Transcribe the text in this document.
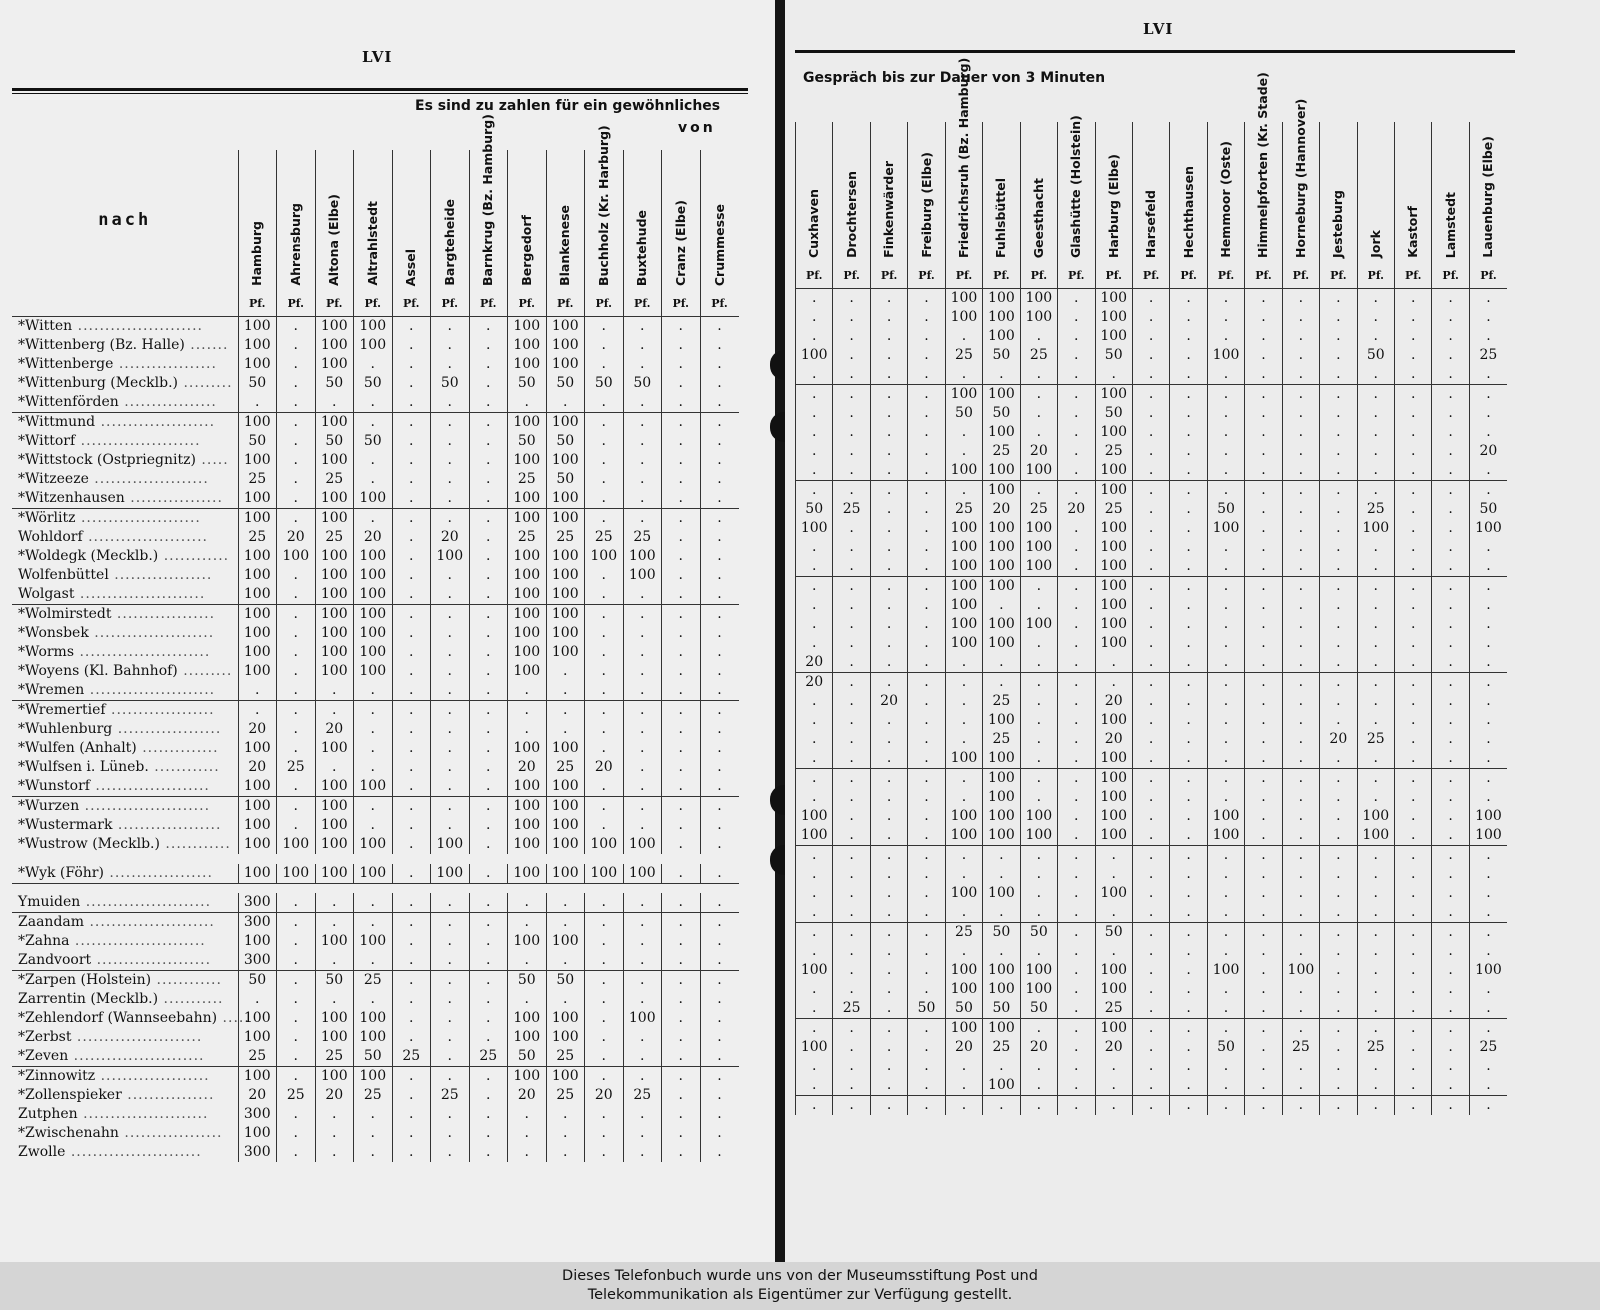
LVI
Es sind zu zahlen für ein gewöhnliches
von
nach	Hamburg	Ahrensburg	Altona (Elbe)	Altrahlstedt	Assel	Bargteheide	Barnkrug (Bz. Hamburg)	Bergedorf	Blankenese	Buchholz (Kr. Harburg)	Buxtehude	Cranz (Elbe)	Crummesse
	Pf.	Pf.	Pf.	Pf.	Pf.	Pf.	Pf.	Pf.	Pf.	Pf.	Pf.	Pf.	Pf.
*Witten .......................	100	.	100	100	.	.	.	100	100	.	.	.	.
*Wittenberg (Bz. Halle) .......	100	.	100	100	.	.	.	100	100	.	.	.	.
*Wittenberge ..................	100	.	100	.	.	.	.	100	100	.	.	.	.
*Wittenburg (Mecklb.) .........	50	.	50	50	.	50	.	50	50	50	50	.	.
*Wittenförden .................	.	.	.	.	.	.	.	.	.	.	.	.	.
*Wittmund .....................	100	.	100	.	.	.	.	100	100	.	.	.	.
*Wittorf ......................	50	.	50	50	.	.	.	50	50	.	.	.	.
*Wittstock (Ostpriegnitz) .....	100	.	100	.	.	.	.	100	100	.	.	.	.
*Witzeeze .....................	25	.	25	.	.	.	.	25	50	.	.	.	.
*Witzenhausen .................	100	.	100	100	.	.	.	100	100	.	.	.	.
*Wörlitz ......................	100	.	100	.	.	.	.	100	100	.	.	.	.
Wohldorf ......................	25	20	25	20	.	20	.	25	25	25	25	.	.
*Woldegk (Mecklb.) ............	100	100	100	100	.	100	.	100	100	100	100	.	.
Wolfenbüttel ..................	100	.	100	100	.	.	.	100	100	.	100	.	.
Wolgast .......................	100	.	100	100	.	.	.	100	100	.	.	.	.
*Wolmirstedt ..................	100	.	100	100	.	.	.	100	100	.	.	.	.
*Wonsbek ......................	100	.	100	100	.	.	.	100	100	.	.	.	.
*Worms ........................	100	.	100	100	.	.	.	100	100	.	.	.	.
*Woyens (Kl. Bahnhof) .........	100	.	100	100	.	.	.	100	.	.	.	.	.
*Wremen .......................	.	.	.	.	.	.	.	.	.	.	.	.	.
*Wremertief ...................	.	.	.	.	.	.	.	.	.	.	.	.	.
*Wuhlenburg ...................	20	.	20	.	.	.	.	.	.	.	.	.	.
*Wulfen (Anhalt) ..............	100	.	100	.	.	.	.	100	100	.	.	.	.
*Wulfsen i. Lüneb. ............	20	25	.	.	.	.	.	20	25	20	.	.	.
*Wunstorf .....................	100	.	100	100	.	.	.	100	100	.	.	.	.
*Wurzen .......................	100	.	100	.	.	.	.	100	100	.	.	.	.
*Wustermark ...................	100	.	100	.	.	.	.	100	100	.	.	.	.
*Wustrow (Mecklb.) ............	100	100	100	100	.	100	.	100	100	100	100	.	.

*Wyk (Föhr) ...................	100	100	100	100	.	100	.	100	100	100	100	.	.

Ymuiden .......................	300	.	.	.	.	.	.	.	.	.	.	.	.
Zaandam .......................	300	.	.	.	.	.	.	.	.	.	.	.	.
*Zahna ........................	100	.	100	100	.	.	.	100	100	.	.	.	.
Zandvoort .....................	300	.	.	.	.	.	.	.	.	.	.	.	.
*Zarpen (Holstein) ............	50	.	50	25	.	.	.	50	50	.	.	.	.
Zarrentin (Mecklb.) ...........	.	.	.	.	.	.	.	.	.	.	.	.	.
*Zehlendorf (Wannseebahn) .....	100	.	100	100	.	.	.	100	100	.	100	.	.
*Zerbst .......................	100	.	100	100	.	.	.	100	100	.	.	.	.
*Zeven ........................	25	.	25	50	25	.	25	50	25	.	.	.	.
*Zinnowitz ....................	100	.	100	100	.	.	.	100	100	.	.	.	.
*Zollenspieker ................	20	25	20	25	.	25	.	20	25	20	25	.	.
Zutphen .......................	300	.	.	.	.	.	.	.	.	.	.	.	.
*Zwischenahn ..................	100	.	.	.	.	.	.	.	.	.	.	.	.
Zwolle ........................	300	.	.	.	.	.	.	.	.	.	.	.	.
LVI
Gespräch bis zur Dauer von 3 Minuten
Cuxhaven	Drochtersen	Finkenwärder	Freiburg (Elbe)	Friedrichsruh (Bz. Hamburg)	Fuhlsbüttel	Geesthacht	Glashütte (Holstein)	Harburg (Elbe)	Harsefeld	Hechthausen	Hemmoor (Oste)	Himmelpforten (Kr. Stade)	Horneburg (Hannover)	Jesteburg	Jork	Kastorf	Lamstedt	Lauenburg (Elbe)
Pf.	Pf.	Pf.	Pf.	Pf.	Pf.	Pf.	Pf.	Pf.	Pf.	Pf.	Pf.	Pf.	Pf.	Pf.	Pf.	Pf.	Pf.	Pf.
.	.	.	.	100	100	100	.	100	.	.	.	.	.	.	.	.	.	.
.	.	.	.	100	100	100	.	100	.	.	.	.	.	.	.	.	.	.
.	.	.	.	.	100	.	.	100	.	.	.	.	.	.	.	.	.	.
100	.	.	.	25	50	25	.	50	.	.	100	.	.	.	50	.	.	25
.	.	.	.	.	.	.	.	.	.	.	.	.	.	.	.	.	.	.
.	.	.	.	100	100	.	.	100	.	.	.	.	.	.	.	.	.	.
.	.	.	.	50	50	.	.	50	.	.	.	.	.	.	.	.	.	.
.	.	.	.	.	100	.	.	100	.	.	.	.	.	.	.	.	.	.
.	.	.	.	.	25	20	.	25	.	.	.	.	.	.	.	.	.	20
.	.	.	.	100	100	100	.	100	.	.	.	.	.	.	.	.	.	.
.	.	.	.	.	100	.	.	100	.	.	.	.	.	.	.	.	.	.
50	25	.	.	25	20	25	20	25	.	.	50	.	.	.	25	.	.	50
100	.	.	.	100	100	100	.	100	.	.	100	.	.	.	100	.	.	100
.	.	.	.	100	100	100	.	100	.	.	.	.	.	.	.	.	.	.
.	.	.	.	100	100	100	.	100	.	.	.	.	.	.	.	.	.	.
.	.	.	.	100	100	.	.	100	.	.	.	.	.	.	.	.	.	.
.	.	.	.	100	.	.	.	100	.	.	.	.	.	.	.	.	.	.
.	.	.	.	100	100	100	.	100	.	.	.	.	.	.	.	.	.	.
.	.	.	.	100	100	.	.	100	.	.	.	.	.	.	.	.	.	.
20	.	.	.	.	.	.	.	.	.	.	.	.	.	.	.	.	.	.
20	.	.	.	.	.	.	.	.	.	.	.	.	.	.	.	.	.	.
.	.	20	.	.	25	.	.	20	.	.	.	.	.	.	.	.	.	.
.	.	.	.	.	100	.	.	100	.	.	.	.	.	.	.	.	.	.
.	.	.	.	.	25	.	.	20	.	.	.	.	.	20	25	.	.	.
.	.	.	.	100	100	.	.	100	.	.	.	.	.	.	.	.	.	.
.	.	.	.	.	100	.	.	100	.	.	.	.	.	.	.	.	.	.
.	.	.	.	.	100	.	.	100	.	.	.	.	.	.	.	.	.	.
100	.	.	.	100	100	100	.	100	.	.	100	.	.	.	100	.	.	100
100	.	.	.	100	100	100	.	100	.	.	100	.	.	.	100	.	.	100
.	.	.	.	.	.	.	.	.	.	.	.	.	.	.	.	.	.	.
.	.	.	.	.	.	.	.	.	.	.	.	.	.	.	.	.	.	.
.	.	.	.	100	100	.	.	100	.	.	.	.	.	.	.	.	.	.
.	.	.	.	.	.	.	.	.	.	.	.	.	.	.	.	.	.	.
.	.	.	.	25	50	50	.	50	.	.	.	.	.	.	.	.	.	.
.	.	.	.	.	.	.	.	.	.	.	.	.	.	.	.	.	.	.
100	.	.	.	100	100	100	.	100	.	.	100	.	100	.	.	.	.	100
.	.	.	.	100	100	100	.	100	.	.	.	.	.	.	.	.	.	.
.	25	.	50	50	50	50	.	25	.	.	.	.	.	.	.	.	.	.
.	.	.	.	100	100	.	.	100	.	.	.	.	.	.	.	.	.	.
100	.	.	.	20	25	20	.	20	.	.	50	.	25	.	25	.	.	25
.	.	.	.	.	.	.	.	.	.	.	.	.	.	.	.	.	.	.
.	.	.	.	.	100	.	.	.	.	.	.	.	.	.	.	.	.	.
.	.	.	.	.	.	.	.	.	.	.	.	.	.	.	.	.	.	.
Dieses Telefonbuch wurde uns von der Museumsstiftung Post und
Telekommunikation als Eigentümer zur Verfügung gestellt.
